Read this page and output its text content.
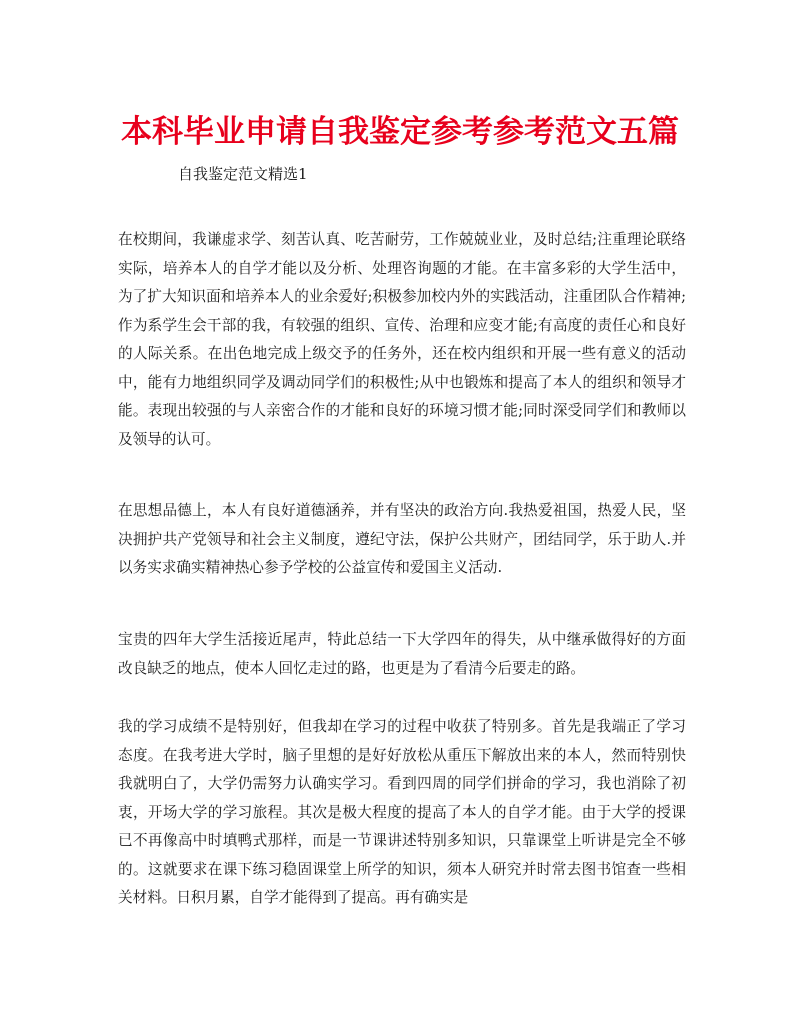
本科毕业申请自我鉴定参考参考范文五篇

自我鉴定范文精选1

在校期间，我谦虚求学、刻苦认真、吃苦耐劳，工作兢兢业业，及时总结;注重理论联络实际，培养本人的自学才能以及分析、处理咨询题的才能。在丰富多彩的大学生活中，为了扩大知识面和培养本人的业余爱好;积极参加校内外的实践活动，注重团队合作精神;作为系学生会干部的我，有较强的组织、宣传、治理和应变才能;有高度的责任心和良好的人际关系。在出色地完成上级交予的任务外，还在校内组织和开展一些有意义的活动中，能有力地组织同学及调动同学们的积极性;从中也锻炼和提高了本人的组织和领导才能。表现出较强的与人亲密合作的才能和良好的环境习惯才能;同时深受同学们和教师以及领导的认可。

在思想品德上，本人有良好道德涵养，并有坚决的政治方向.我热爱祖国，热爱人民，坚决拥护共产党领导和社会主义制度，遵纪守法，保护公共财产，团结同学，乐于助人.并以务实求确实精神热心参予学校的公益宣传和爱国主义活动.

宝贵的四年大学生活接近尾声，特此总结一下大学四年的得失，从中继承做得好的方面改良缺乏的地点，使本人回忆走过的路，也更是为了看清今后要走的路。

我的学习成绩不是特别好，但我却在学习的过程中收获了特别多。首先是我端正了学习态度。在我考进大学时，脑子里想的是好好放松从重压下解放出来的本人，然而特别快我就明白了，大学仍需努力认确实学习。看到四周的同学们拼命的学习，我也消除了初衷，开场大学的学习旅程。其次是极大程度的提高了本人的自学才能。由于大学的授课已不再像高中时填鸭式那样，而是一节课讲述特别多知识，只靠课堂上听讲是完全不够的。这就要求在课下练习稳固课堂上所学的知识，须本人研究并时常去图书馆查一些相关材料。日积月累，自学才能得到了提高。再有确实是
